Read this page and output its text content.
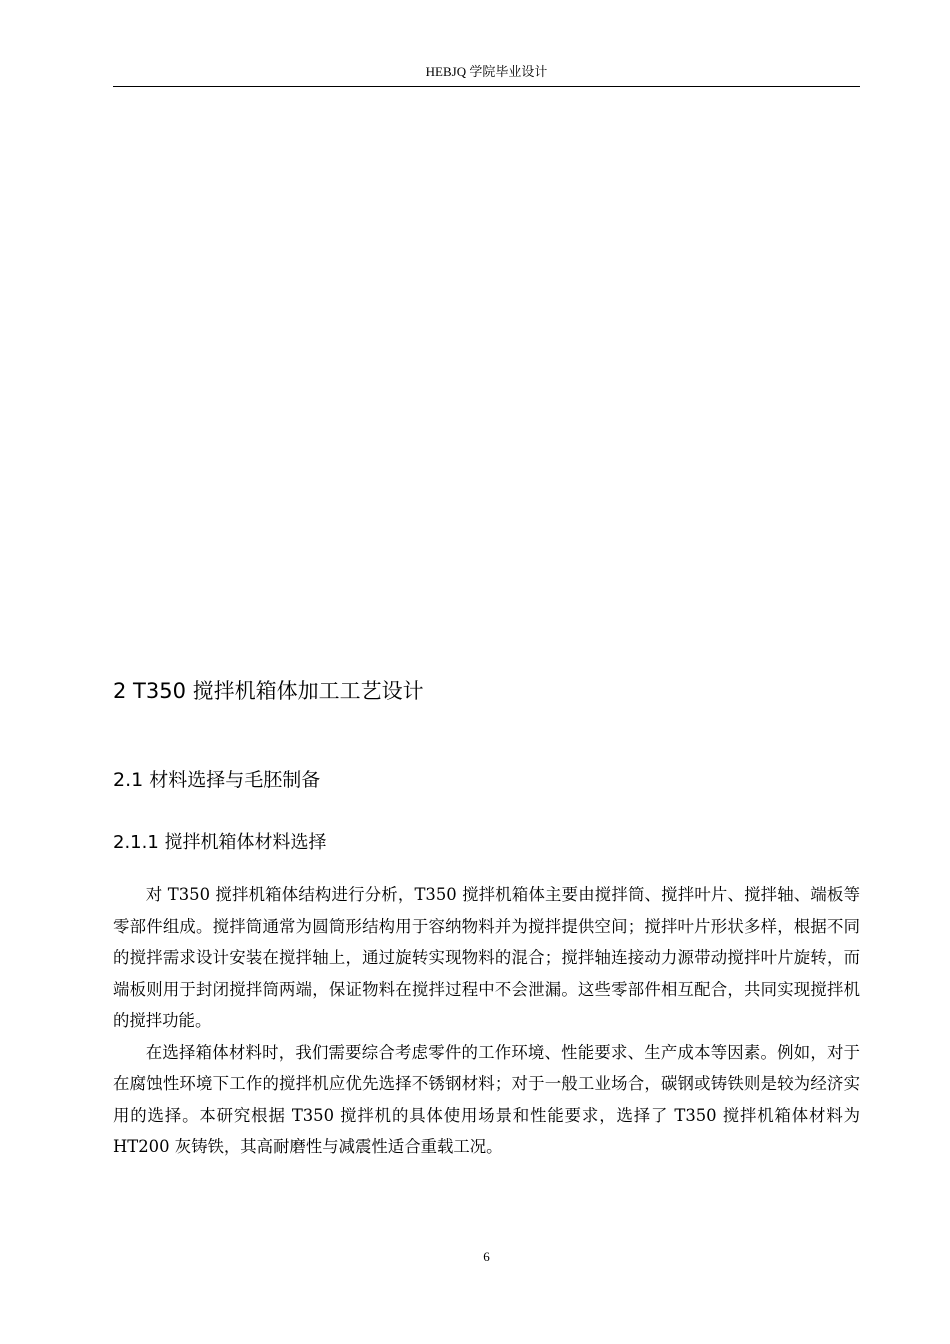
HEBJQ 学院毕业设计
2 T350 搅拌机箱体加工工艺设计
2.1 材料选择与毛胚制备
2.1.1 搅拌机箱体材料选择

对 T350 搅拌机箱体结构进行分析，T350 搅拌机箱体主要由搅拌筒、搅拌叶片、搅拌轴、端板等零部件组成。搅拌筒通常为圆筒形结构用于容纳物料并为搅拌提供空间；搅拌叶片形状多样，根据不同的搅拌需求设计安装在搅拌轴上，通过旋转实现物料的混合；搅拌轴连接动力源带动搅拌叶片旋转，而端板则用于封闭搅拌筒两端，保证物料在搅拌过程中不会泄漏。这些零部件相互配合，共同实现搅拌机的搅拌功能。

在选择箱体材料时，我们需要综合考虑零件的工作环境、性能要求、生产成本等因素。例如，对于在腐蚀性环境下工作的搅拌机应优先选择不锈钢材料；对于一般工业场合，碳钢或铸铁则是较为经济实用的选择。本研究根据 T350 搅拌机的具体使用场景和性能要求，选择了 T350 搅拌机箱体材料为 HT200 灰铸铁，其高耐磨性与减震性适合重载工况。

6
